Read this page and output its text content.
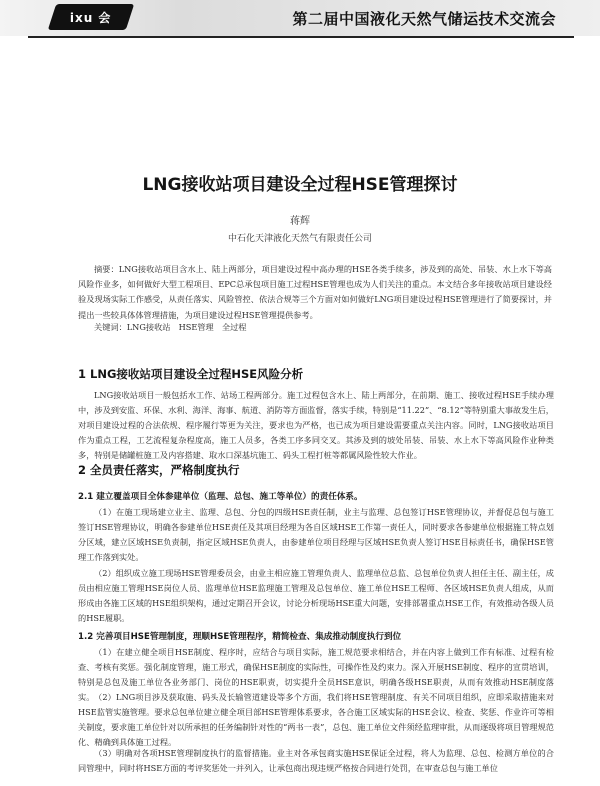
ixu 会	第二届中国液化天然气储运技术交流会
LNG接收站项目建设全过程HSE管理探讨
蒋辉
中石化天津液化天然气有限责任公司

摘要：LNG接收站项目含水上、陆上两部分，项目建设过程中高办理的HSE各类手续多，涉及到的高处、吊装、水上水下等高风险作业多，如何做好大型工程项目、EPC总承包项目施工过程HSE管理也成为人们关注的重点。本文结合多年接收站项目建设经验及现场实际工作感受，从责任落实、风险管控、依法合规等三个方面对如何做好LNG项目建设过程HSE管理进行了简要探讨，并提出一些较具体体管理措施，为项目建设过程HSE管理提供参考。

关键词：LNG接收站　HSE管理　全过程
1 LNG接收站项目建设全过程HSE风险分析

LNG接收站项目一般包括水工作、站场工程两部分。施工过程包含水上、陆上两部分，在前期、施工、接收过程HSE手续办理中，涉及到安监、环保、水利、海洋、海事、航道、消防等方面监督，落实手续，特别是“11.22”、“8.12”等特别重大事故发生后，对项目建设过程的合法依规、程序履行等更为关注，要求也为严格，也已成为项目建设需要重点关注内容。同时，LNG接收站项目作为重点工程，工艺流程复杂程度高，施工人员多，各类工序多同交叉。其涉及到的坡处吊装、吊装、水上水下等高风险作业种类多，特别是储罐桩施工及内容搭建、取水口深基坑施工、码头工程打桩等都属风险性较大作业。

2 全员责任落实，严格制度执行
2.1 建立覆盖项目全体参建单位（监理、总包、施工等单位）的责任体系。

（1）在施工现场建立业主、监理、总包、分包的四级HSE责任制，业主与监理、总包签订HSE管理协议，并督促总包与施工签订HSE管理协议，明确各参建单位HSE责任及其项目经理为各自区域HSE工作第一责任人，同时要求各参建单位根据施工特点划分区域，建立区域HSE负责制，指定区域HSE负责人，由参建单位项目经理与区域HSE负责人签订HSE目标责任书，确保HSE管理工作落到实处。

（2）组织成立施工现场HSE管理委员会，由业主相应施工管理负责人、监理单位总监、总包单位负责人担任主任、副主任，成员由相应施工管理HSE岗位人员、监理单位HSE监理施工管理及总包单位、施工单位HSE工程师、各区域HSE负责人组成，从而形成由各施工区域的HSE组织架构，通过定期召开会议，讨论分析现场HSE重大问题，安排部署重点HSE工作，有效推动各级人员的HSE履职。

1.2 完善项目HSE管理制度，理顺HSE管理程序，精简检查、集成推动制度执行到位

（1）在建立健全项目HSE制度、程序时，应结合与项目实际，施工规范要求相结合，并在内容上做到工作有标准、过程有检查、考核有奖惩。强化制度管理，施工形式，确保HSE制度的实际性，可操作性及约束力。深入开展HSE制度、程序的宣贯培训，特别是总包及施工单位各业务部门、岗位的HSE职责，切实提升全员HSE意识，明确各级HSE职责，从而有效推动HSE制度落实。 （2）LNG项目涉及获取施、码头及长输管道建设等多个方面，我们将HSE管理制度、有关不同项目组织，应即采取措施来对HSE监管实施管理。要求总包单位建立健全项目部HSE管理体系要求，各合施工区域实际的HSE会议、检查、奖惩、作业许可等相关制度，要求施工单位针对以所承担的任务编制针对性的“两书一表”，总包、施工单位文件须经监理审批，从而逐级将项目管理规范化、精确到具体施工过程。

（3）明确对各项HSE管理制度执行的监督措施。业主对各承包商实施HSE保证全过程，将人为监理、总包、检测方单位的合同管理中，同时将HSE方面的考评奖惩处一并列入，让承包商出现违规严格按合同进行处罚，在审查总包与施工单位
